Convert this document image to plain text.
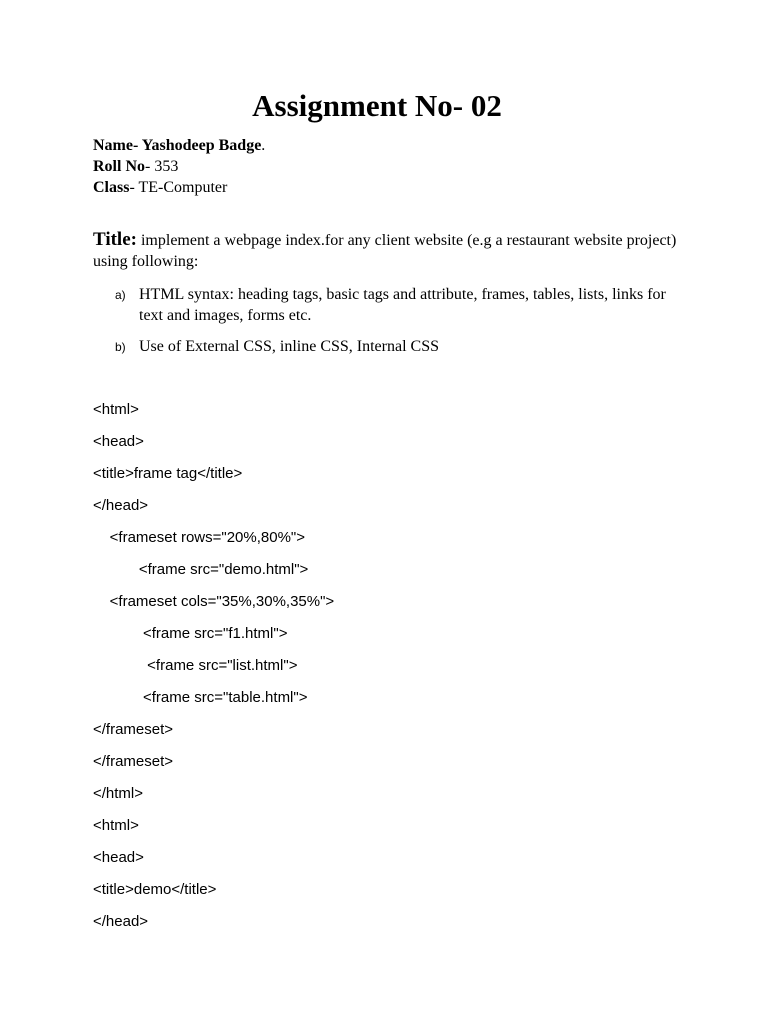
Assignment No- 02
Name- Yashodeep Badge.
Roll No- 353
Class- TE-Computer
Title: implement a webpage index.for any client website (e.g a restaurant website project) using following:
a) HTML syntax: heading tags, basic tags and attribute, frames, tables, lists, links for text and images, forms etc.
b) Use of External CSS, inline CSS, Internal CSS
<html>
<head>
<title>frame tag</title>
</head>
<frameset rows="20%,80%">
<frame src="demo.html">
<frameset cols="35%,30%,35%">
<frame src="f1.html">
<frame src="list.html">
<frame src="table.html">
</frameset>
</frameset>
</html>
<html>
<head>
<title>demo</title>
</head>
